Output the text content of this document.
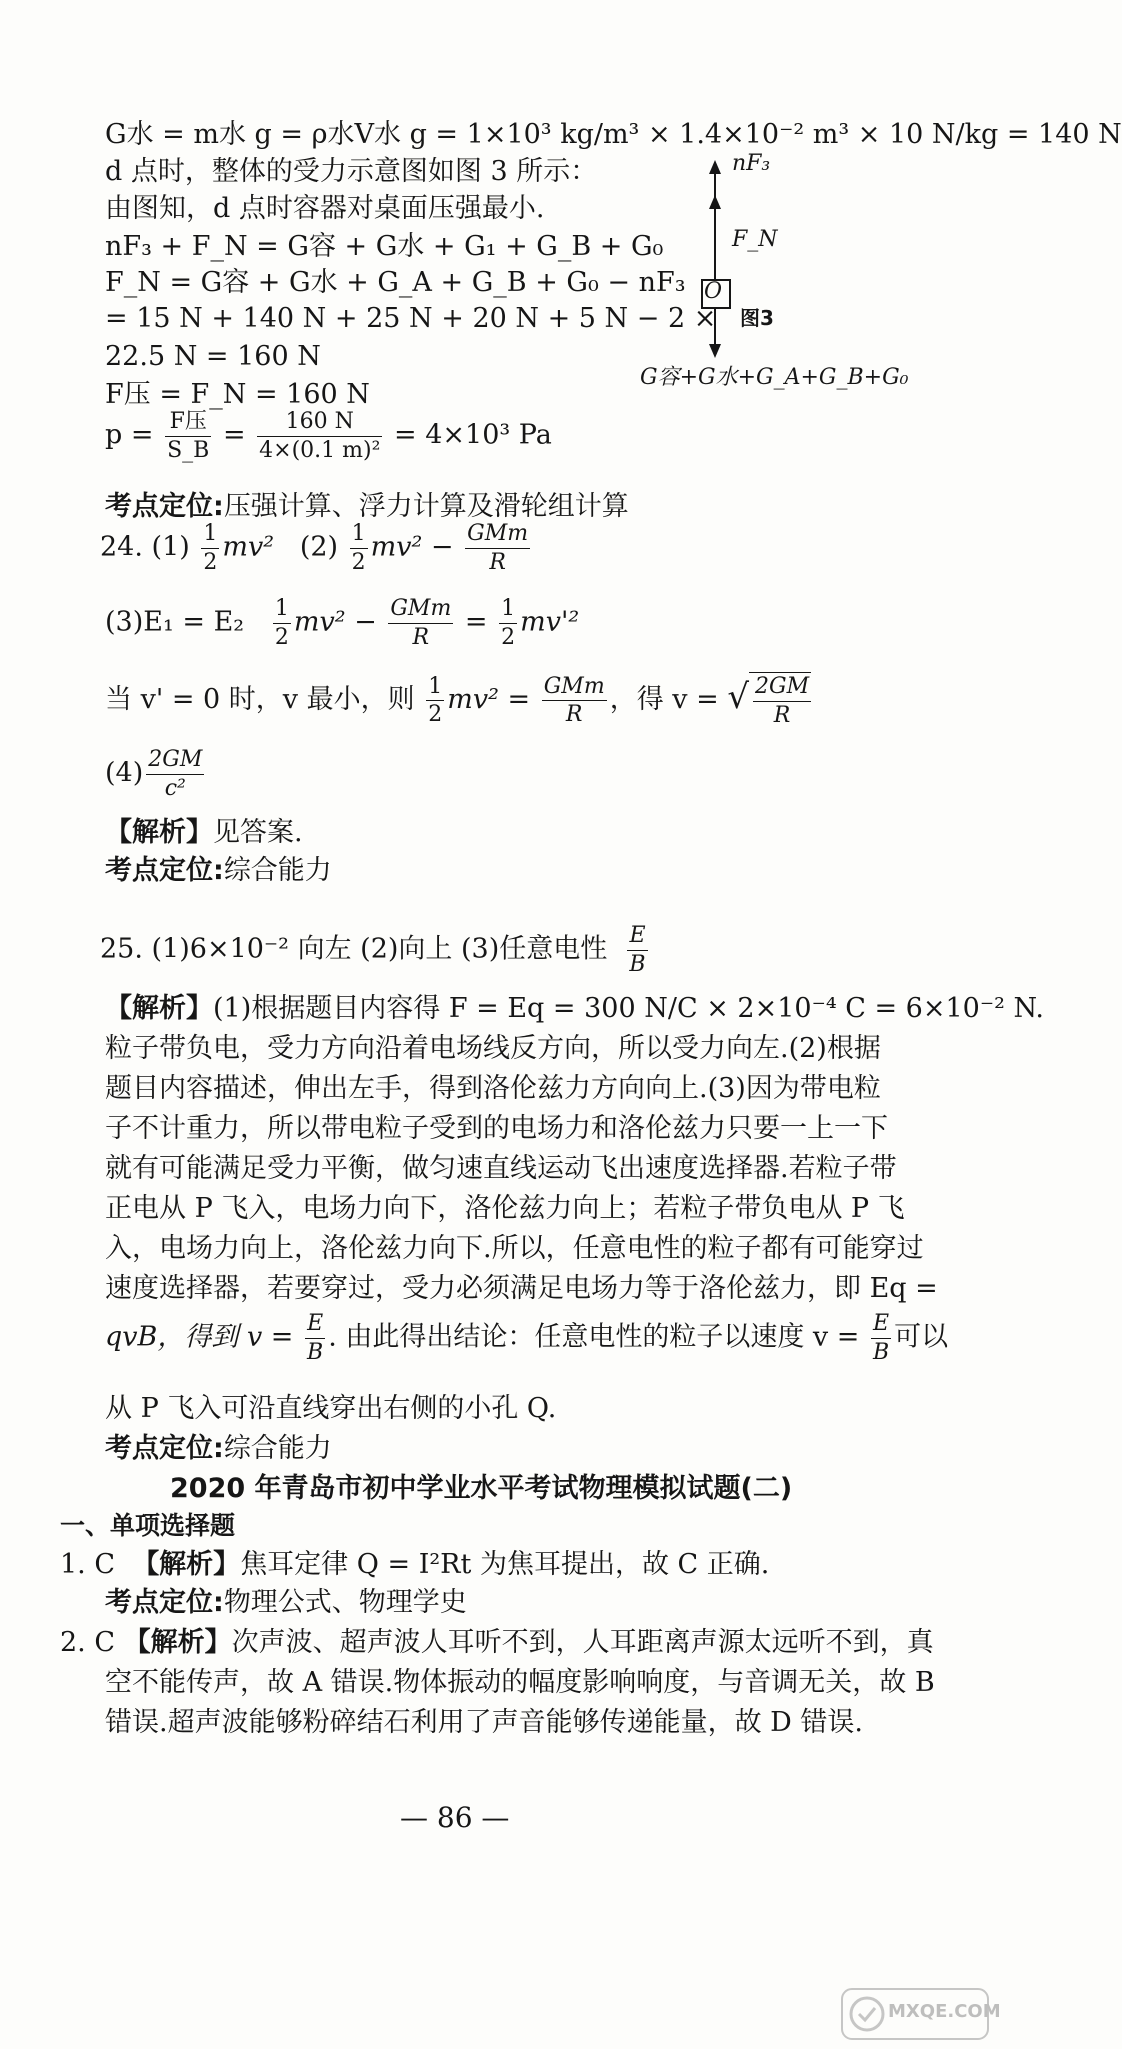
G水 = m水 g = ρ水V水 g = 1×10³ kg/m³ × 1.4×10⁻² m³ × 10 N/kg = 140 N
d 点时，整体的受力示意图如图 3 所示：
由图知，d 点时容器对桌面压强最小.
nF₃ + F_N = G容 + G水 + G₁ + G_B + G₀
F_N = G容 + G水 + G_A + G_B + G₀ − nF₃
= 15 N + 140 N + 25 N + 20 N + 5 N − 2 ×
22.5 N = 160 N
F压 = F_N = 160 N
$p = \frac{\text{F压}}{S\_B} = \frac{160 N}{\text{4×(0.1 m)²}} = 4\times 10^3$ Pa
考点定位:压强计算、浮力计算及滑轮组计算
nF₃
F_N
O
G容+G水+G_A+G_B+G₀
图3
24. $(1) \frac{1}{2} mv^2$ $(2) \frac{1}{2} mv^2 - \frac{\text{GMm}}{R}$
$(3)E_1 = E_2 \frac{1}{2} mv^2 - \frac{\text{GMm}}{R} = \frac{1}{2} mv'^2$
当 v' = 0 时，v 最小，则 $\frac{1}{2} mv^2 = \frac{\text{GMm}}{R}$ ，得 v = √ $\frac{2GM}{R}$
$(4) \frac{2GM}{\text{c²}}$
【解析】见答案.
考点定位:综合能力
25. (1)6×10⁻² 向左 (2)向上 (3)任意电性 $\frac{E}{B}$
【解析】(1)根据题目内容得 F = Eq = 300 N/C × 2×10⁻⁴ C = 6×10⁻² N.
粒子带负电，受力方向沿着电场线反方向，所以受力向左.(2)根据
题目内容描述，伸出左手，得到洛伦兹力方向向上.(3)因为带电粒
子不计重力，所以带电粒子受到的电场力和洛伦兹力只要一上一下
就有可能满足受力平衡，做匀速直线运动飞出速度选择器.若粒子带
正电从 P 飞入，电场力向下，洛伦兹力向上；若粒子带负电从 P 飞
入，电场力向上，洛伦兹力向下.所以，任意电性的粒子都有可能穿过
速度选择器，若要穿过，受力必须满足电场力等于洛伦兹力，即 Eq =
qvB，得到 $v = \frac{E}{B}$ . 由此得出结论：任意电性的粒子以速度 $v = \frac{E}{B}$ 可以
从 P 飞入可沿直线穿出右侧的小孔 Q.
考点定位:综合能力
2020 年青岛市初中学业水平考试物理模拟试题(二)
一、单项选择题
1. C 【解析】焦耳定律 Q = I²Rt 为焦耳提出，故 C 正确.
考点定位:物理公式、物理学史
2. C 【解析】次声波、超声波人耳听不到，人耳距离声源太远听不到，真
空不能传声，故 A 错误.物体振动的幅度影响响度，与音调无关，故 B
错误.超声波能够粉碎结石利用了声音能够传递能量，故 D 错误.
— 86 —
MXQE.COM
